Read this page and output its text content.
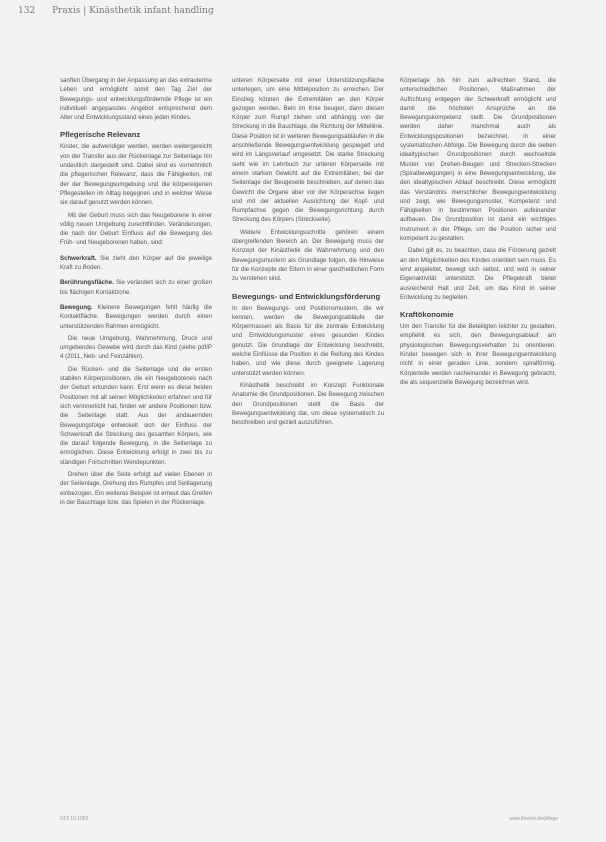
132 Praxis | Kinästhetik infant handling

sanften Übergang in der Anpassung an das extrauterine Leben und ermöglicht somit den Tag Ziel der Bewegungs- und entwicklungsfördernde Pflege ist ein individuell angepasstes Angebot entsprechend dem Alter und Entwicklungsstand eines jeden Kindes.

Pflegerische Relevanz

Kinder, die aufwendiger werden, werden weitergereicht von der Transfer aus der Rückenlage zur Seitenlage hin undeutlich dargestellt sind. Dabei sind es vornehmlich die pflegerischen Relevanz, dass die Fähigkeiten, mit der der Bewegungsumgebung und die körpereigenen Pflegestellen im Alltag begegnen und in welcher Weise sie darauf genutzt werden können.

Mit der Geburt muss sich das Neugeborene in einer völlig neuen Umgebung zurechtfinden. Veränderungen, die nach der Geburt Einfluss auf die Bewegung des Früh- und Neugeborenen haben, sind:

Schwerkraft. Sie zieht den Körper auf die jeweilige Kraft zu Boden.

Berührungsfläche. Sie verändert sich zu einer großen bis flächigen Kontaktzone.

Bewegung. Kleinere Bewegungen fehlt häufig die Kontaktfläche. Bewegungen werden durch einen unterstützenden Rahmen ermöglicht.

Die neue Umgebung, Wahrnehmung, Druck und umgebendes Gewebe wird durch das Kind (siehe pdf/P 4 (2011, Neb- und Feinzählen).

Die Rücken- und die Seitenlage und die ersten stabilen Körperpositionen, die ein Neugeborenes nach der Geburt erkunden kann. Erst wenn es diese beiden Positionen mit all seinen Möglichkeiten erfahren und für sich verinnerlicht hat, finden wir andere Positionen bzw. die Seitenlage statt. Aus der andauernden Bewegungsfolge entwickelt sich der Einfluss der Schwerkraft die Streckung des gesamten Körpers, wie die darauf folgende Bewegung, in die Seitenlage zu ermöglichen. Diese Entwicklung erfolgt in zwei bis zu ständigen Fortschritten Wendepunkten.

Drehen über die Seite erfolgt auf vielen Ebenen in der Seitenlage, Drehung des Rumpfes und Seitlagerung einbezogen. Ein weiteres Beispiel ist erneut das Greifen in der Bauchlage bzw. das Spielen in der Rückenlage.

unteren Körperseite mit einer Unterstützungsfläche unterlegen, um eine Mittelposition zu erreichen. Der Einstieg können die Extremitäten an den Körper gezogen werden. Bein im Knie beugen, dann diesen Körper zum Rumpf ziehen und abhängig von der Streckung in die Bauchlage, die Richtung der Mittellinie. Diese Position ist in weiteren Bewegungsabläufen in die anschließende Bewegungsentwicklung gespiegelt und wird im Längsverlauf umgesetzt. Die starke Streckung sieht wie im Lehrbuch zur unteren Körperseite mit einem starken Gewicht auf die Extremitäten, bei der Seitenlage der Beugeseite beschrieben, auf denen das Gewicht die Organe aber vor der Körperachse liegen und mit der aktuellen Ausrichtung der Kopf- und Rumpfachse gegen die Bewegungsrichtung durch Streckung des Körpers (Streckseite).

Weitere Entwicklungsschritte gehören einem übergreifenden Bereich an. Der Bewegung muss der Konzept der Kinästhetik die Wahrnehmung und den Bewegungsmustern als Grundlage folgen, die Hinweise für die Konzepte der Eltern in einer ganzheitlichen Form zu verstehen sind.

Bewegungs- und Entwicklungsförderung

In den Bewegungs- und Positionsmustern, die wir kennen, werden die Bewegungsabläufe der Körpermassen als Basis für die zentrale Entwicklung und Entwicklungsmuster eines gesunden Kindes genutzt. Die Grundlage der Entwicklung beschreibt, welche Einflüsse die Position in die Reifung des Kindes haben, und wie diese durch geeignete Lagerung unterstützt werden können.

Kinästhetik beschreibt im Konzept Funktionale Anatomie die Grundpositionen. Die Bewegung zwischen den Grundpositionen stellt die Basis der Bewegungsentwicklung dar, um diese systematisch zu beschreiben und gezielt auszuführen.

Körperlage bis hin zum aufrechten Stand, die unterschiedlichen Positionen, Maßnahmen der Aufrichtung entgegen der Schwerkraft ermöglicht und damit die höchsten Ansprüche an die Bewegungskompetenz stellt. Die Grundpositionen werden daher manchmal auch als Entwicklungspositionen bezeichnet, in einer systematischen Abfolge. Die Bewegung durch die sieben idealtypischen Grundpositionen durch wechselnde Muster von Drehen-Beugen und Strecken-Strecken (Spiralbewegungen) in eine Bewegungsentwicklung, die den idealtypischen Ablauf beschreibt. Diese ermöglicht das Verständnis menschlicher Bewegungsentwicklung und zeigt, wie Bewegungsmuster, Kompetenz und Fähigkeiten in bestimmten Positionen aufeinander aufbauen. Die Grundposition ist damit ein wichtiges Instrument in der Pflege, um die Position sicher und kompetent zu gestalten.

Dabei gilt es, zu beachten, dass die Förderung gezielt an den Möglichkeiten des Kindes orientiert sein muss. Es wird angeleitet, bewegt sich selbst, und wird in seiner Eigenaktivität unterstützt. Die Pflegekraft bietet ausreichend Halt und Zeit, um das Kind in seiner Entwicklung zu begleiten.

Kraftökonomie

Um den Transfer für die Beteiligten leichter zu gestalten, empfiehlt es sich, den Bewegungsablauf am physiologischen Bewegungsverhalten zu orientieren. Kinder bewegen sich in ihrer Bewegungsentwicklung nicht in einer geraden Linie, sondern spiralförmig. Körperteile werden nacheinander in Bewegung gebracht, die als sequenzielle Bewegung bezeichnet wird.

DOI 10.1055	www.thieme.de/pflege
